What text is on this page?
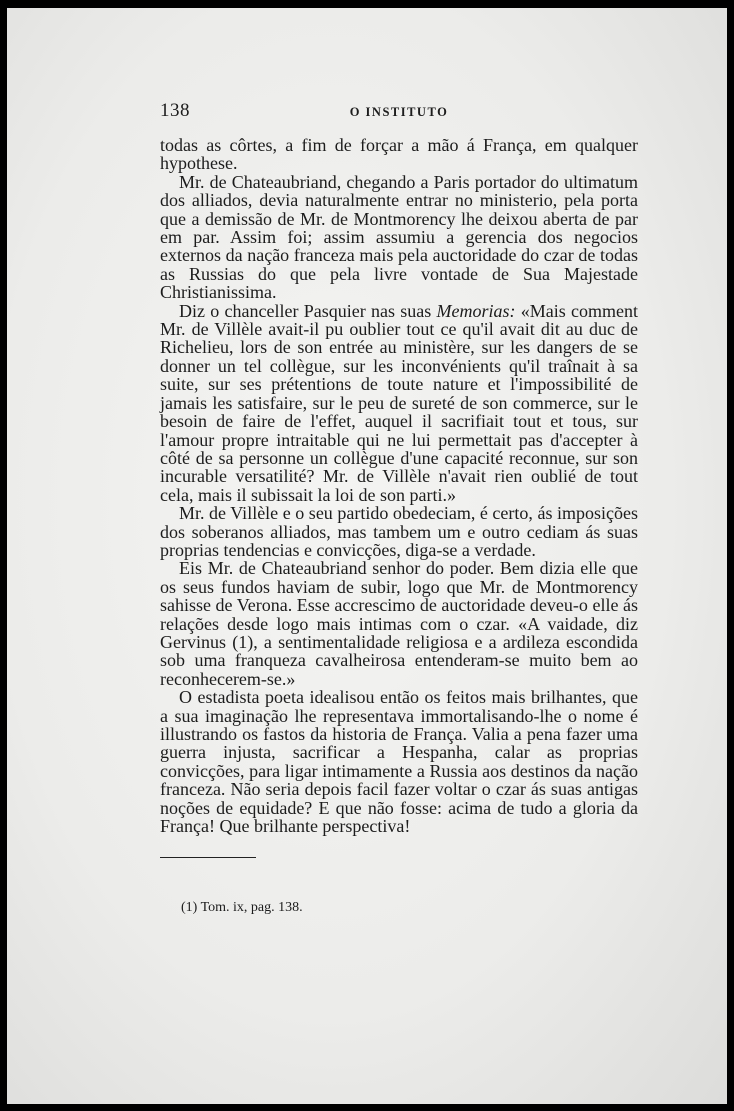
138	O INSTITUTO

todas as côrtes, a fim de forçar a mão á França, em qualquer hypothese.

Mr. de Chateaubriand, chegando a Paris portador do ultimatum dos alliados, devia naturalmente entrar no ministerio, pela porta que a demissão de Mr. de Montmorency lhe deixou aberta de par em par. Assim foi; assim assumiu a gerencia dos negocios externos da nação franceza mais pela auctoridade do czar de todas as Russias do que pela livre vontade de Sua Majestade Christianissima.

Diz o chanceller Pasquier nas suas Memorias: «Mais comment Mr. de Villèle avait-il pu oublier tout ce qu'il avait dit au duc de Richelieu, lors de son entrée au ministère, sur les dangers de se donner un tel collègue, sur les inconvénients qu'il traînait à sa suite, sur ses prétentions de toute nature et l'impossibilité de jamais les satisfaire, sur le peu de sureté de son commerce, sur le besoin de faire de l'effet, auquel il sacrifiait tout et tous, sur l'amour propre intraitable qui ne lui permettait pas d'accepter à côté de sa personne un collègue d'une capacité reconnue, sur son incurable versatilité? Mr. de Villèle n'avait rien oublié de tout cela, mais il subissait la loi de son parti.»

Mr. de Villèle e o seu partido obedeciam, é certo, ás imposições dos soberanos alliados, mas tambem um e outro cediam ás suas proprias tendencias e convicções, diga-se a verdade.

Eis Mr. de Chateaubriand senhor do poder. Bem dizia elle que os seus fundos haviam de subir, logo que Mr. de Montmorency sahisse de Verona. Esse accrescimo de auctoridade deveu-o elle ás relações desde logo mais intimas com o czar. «A vaidade, diz Gervinus (1), a sentimentalidade religiosa e a ardileza escondida sob uma franqueza cavalheirosa entenderam-se muito bem ao reconhecerem-se.»

O estadista poeta idealisou então os feitos mais brilhantes, que a sua imaginação lhe representava immortalisando-lhe o nome é illustrando os fastos da historia de França. Valia a pena fazer uma guerra injusta, sacrificar a Hespanha, calar as proprias convicções, para ligar intimamente a Russia aos destinos da nação franceza. Não seria depois facil fazer voltar o czar ás suas antigas noções de equidade? E que não fosse: acima de tudo a gloria da França! Que brilhante perspectiva!

(1) Tom. ix, pag. 138.
